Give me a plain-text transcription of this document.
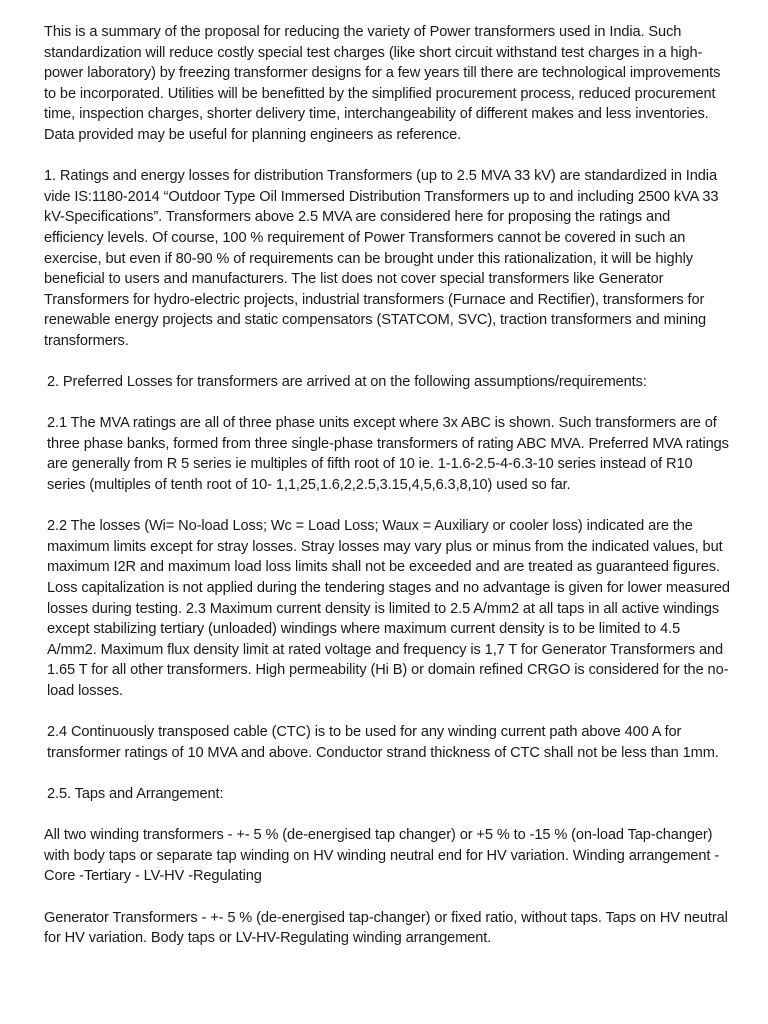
This is a summary of the proposal for reducing the variety of Power transformers used in India. Such standardization will reduce costly special test charges (like short circuit withstand test charges in a high-power laboratory) by freezing transformer designs for a few years till there are technological improvements to be incorporated. Utilities will be benefitted by the simplified procurement process, reduced procurement time, inspection charges, shorter delivery time, interchangeability of different makes and less inventories. Data provided may be useful for planning engineers as reference.

1. Ratings and energy losses for distribution Transformers (up to 2.5 MVA 33 kV) are standardized in India vide IS:1180-2014 “Outdoor Type Oil Immersed Distribution Transformers up to and including 2500 kVA 33 kV-Specifications”. Transformers above 2.5 MVA are considered here for proposing the ratings and efficiency levels. Of course, 100 % requirement of Power Transformers cannot be covered in such an exercise, but even if 80-90 % of requirements can be brought under this rationalization, it will be highly beneficial to users and manufacturers. The list does not cover special transformers like Generator Transformers for hydro-electric projects, industrial transformers (Furnace and Rectifier), transformers for renewable energy projects and static compensators (STATCOM, SVC), traction transformers and mining transformers.

2. Preferred Losses for transformers are arrived at on the following assumptions/requirements:

2.1 The MVA ratings are all of three phase units except where 3x ABC is shown. Such transformers are of three phase banks, formed from three single-phase transformers of rating ABC MVA. Preferred MVA ratings are generally from R 5 series ie multiples of fifth root of 10 ie. 1-1.6-2.5-4-6.3-10 series instead of R10 series (multiples of tenth root of 10- 1,1,25,1.6,2,2.5,3.15,4,5,6.3,8,10) used so far.

2.2 The losses (Wi= No-load Loss; Wc = Load Loss; Waux = Auxiliary or cooler loss) indicated are the maximum limits except for stray losses. Stray losses may vary plus or minus from the indicated values, but maximum I2R and maximum load loss limits shall not be exceeded and are treated as guaranteed figures. Loss capitalization is not applied during the tendering stages and no advantage is given for lower measured losses during testing. 2.3 Maximum current density is limited to 2.5 A/mm2 at all taps in all active windings except stabilizing tertiary (unloaded) windings where maximum current density is to be limited to 4.5 A/mm2. Maximum flux density limit at rated voltage and frequency is 1,7 T for Generator Transformers and 1.65 T for all other transformers. High permeability (Hi B) or domain refined CRGO is considered for the no-load losses.

2.4 Continuously transposed cable (CTC) is to be used for any winding current path above 400 A for transformer ratings of 10 MVA and above. Conductor strand thickness of CTC shall not be less than 1mm.

2.5. Taps and Arrangement:

All two winding transformers - +- 5 % (de-energised tap changer) or +5 % to -15 % (on-load Tap-changer) with body taps or separate tap winding on HV winding neutral end for HV variation. Winding arrangement - Core -Tertiary - LV-HV -Regulating

Generator Transformers - +- 5 % (de-energised tap-changer) or fixed ratio, without taps. Taps on HV neutral for HV variation. Body taps or LV-HV-Regulating winding arrangement.
